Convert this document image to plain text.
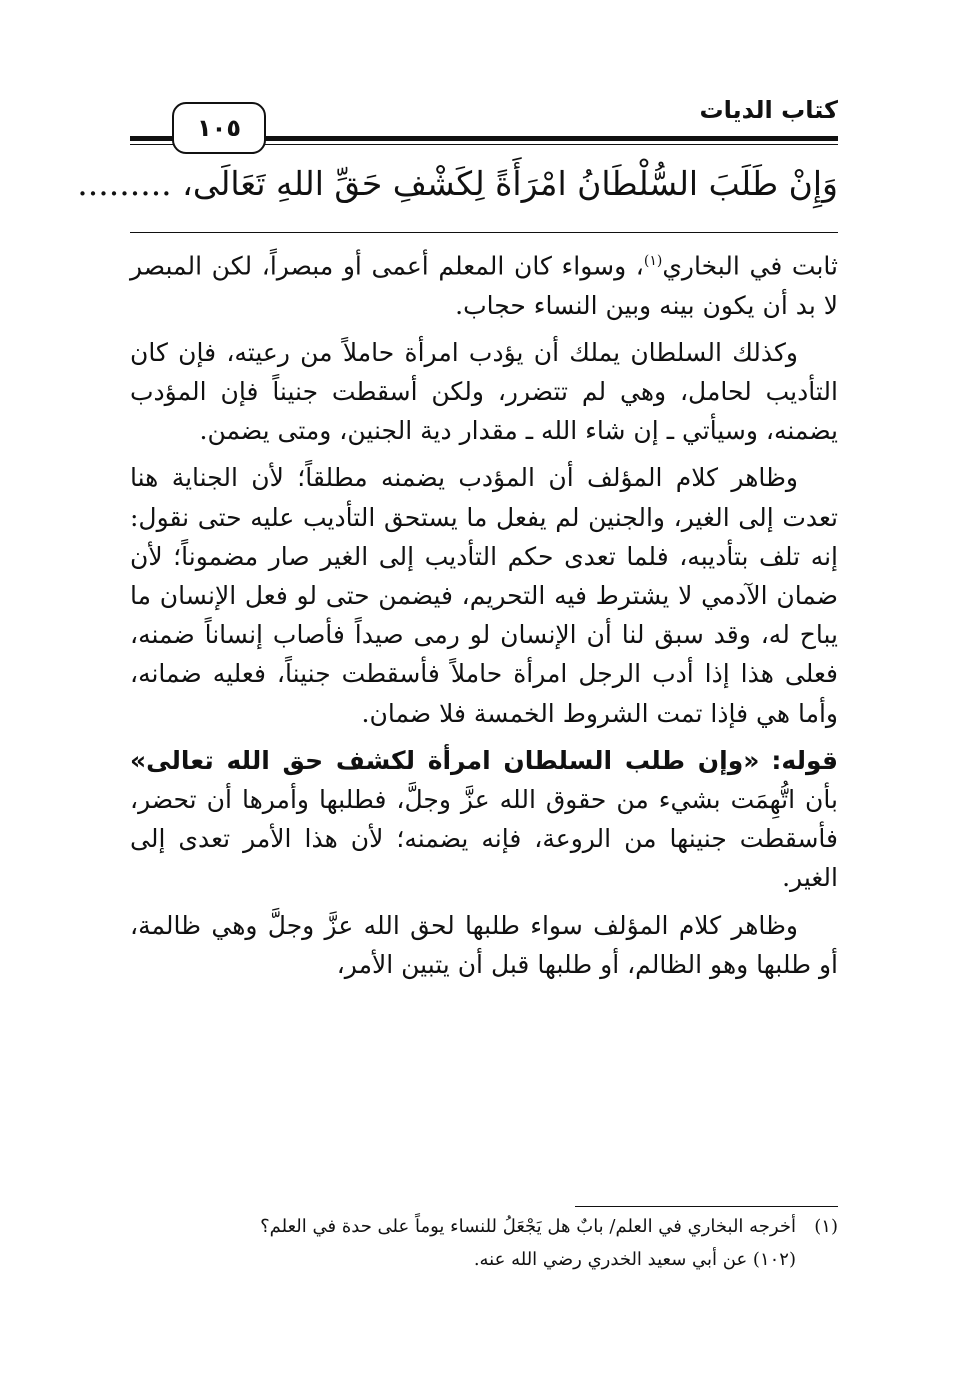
كتاب الديات
١٠٥
وَإِنْ طَلَبَ السُّلْطَانُ امْرَأَةً لِكَشْفِ حَقِّ اللهِ تَعَالَى، .........

ثابت في البخاري$^{(١)}$، وسواء كان المعلم أعمى أو مبصراً، لكن المبصر لا بد أن يكون بينه وبين النساء حجاب.

وكذلك السلطان يملك أن يؤدب امرأة حاملاً من رعيته، فإن كان التأديب لحامل، وهي لم تتضرر، ولكن أسقطت جنيناً فإن المؤدب يضمنه، وسيأتي ـ إن شاء الله ـ مقدار دية الجنين، ومتى يضمن.

وظاهر كلام المؤلف أن المؤدب يضمنه مطلقاً؛ لأن الجناية هنا تعدت إلى الغير، والجنين لم يفعل ما يستحق التأديب عليه حتى نقول: إنه تلف بتأديبه، فلما تعدى حكم التأديب إلى الغير صار مضموناً؛ لأن ضمان الآدمي لا يشترط فيه التحريم، فيضمن حتى لو فعل الإنسان ما يباح له، وقد سبق لنا أن الإنسان لو رمى صيداً فأصاب إنساناً ضمنه، فعلى هذا إذا أدب الرجل امرأة حاملاً فأسقطت جنيناً، فعليه ضمانه، وأما هي فإذا تمت الشروط الخمسة فلا ضمان.

قوله: «وإن طلب السلطان امرأة لكشف حق الله تعالى» بأن اتُّهِمَت بشيء من حقوق الله عزَّ وجلَّ، فطلبها وأمرها أن تحضر، فأسقطت جنينها من الروعة، فإنه يضمنه؛ لأن هذا الأمر تعدى إلى الغير.

وظاهر كلام المؤلف سواء طلبها لحق الله عزَّ وجلَّ وهي ظالمة، أو طلبها وهو الظالم، أو طلبها قبل أن يتبين الأمر،

(١)أخرجه البخاري في العلم/ بابٌ هل يَجْعَلُ للنساء يوماً على حدة في العلم؟
(١٠٢) عن أبي سعيد الخدري رضي الله عنه.
